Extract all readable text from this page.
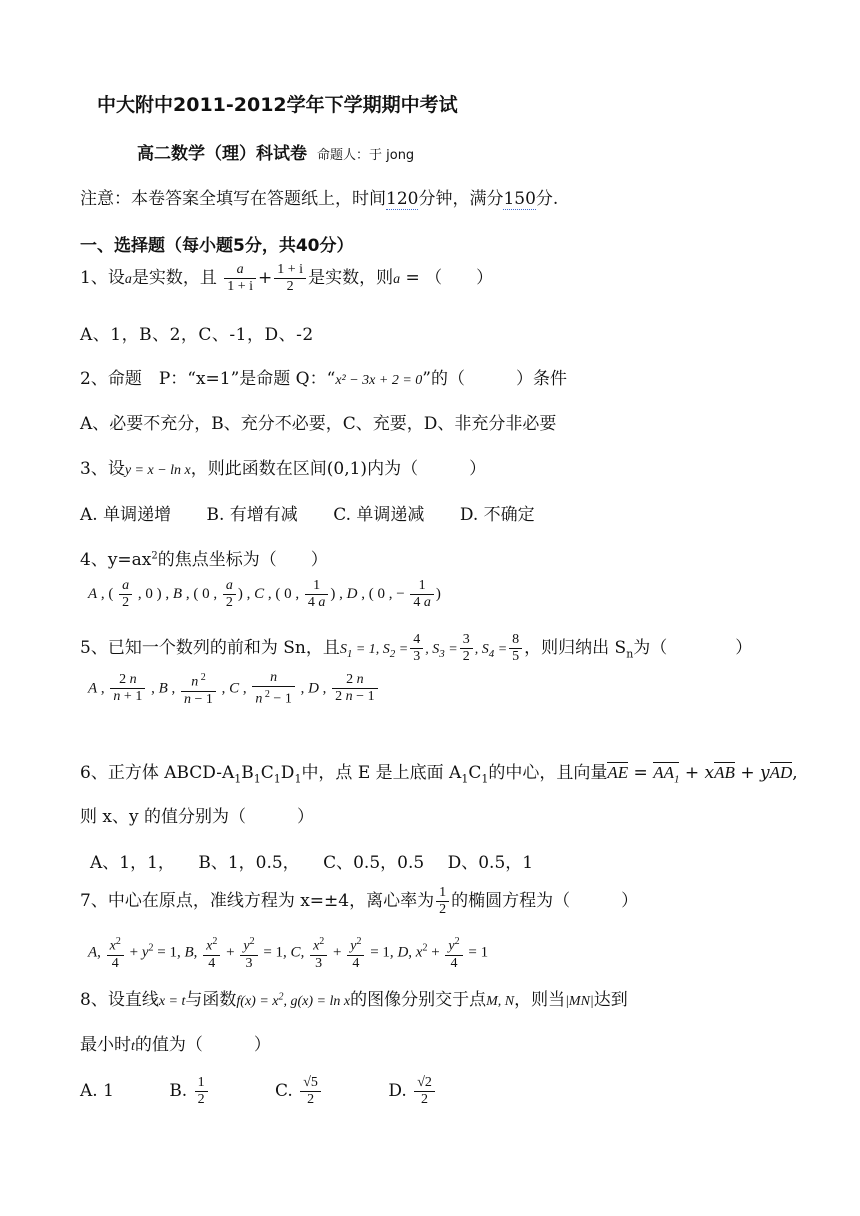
中大附中2011-2012学年下学期期中考试
高二数学（理）科试卷 命题人：于 jong
注意：本卷答案全填写在答题纸上，时间120分钟，满分150分.
一、选择题（每小题5分，共40分）
1、设a是实数，且 $\frac{a}{1 + i} + \frac{1 + i}{2}$ 是实数，则a = （　　）
A、1，B、2，C、-1，D、-2
2、命题　P：“x=1”是命题 Q：“x² − 3x + 2 = 0”的（　　　）条件
A、必要不充分，B、充分不必要，C、充要，D、非充分非必要
3、设y = x − ln x，则此函数在区间(0,1)内为（　　　）
A. 单调递增 B. 有增有减 C. 单调递减 D. 不确定
4、$y=ax^2$的焦点坐标为（　　）
A , ( $\frac{a}{2}$ , 0 ) , B , ( 0 , $\frac{a}{2}$ ) , C , ( 0 , $\frac{1}{4 a}$ ) , D , ( 0 , − $\frac{1}{4 a}$ )
5、已知一个数列的前和为 Sn，且$S_1 = 1$, $S_2 = \frac{4}{3}$ , $S_3 = \frac{3}{2}$ , $S_4 = \frac{8}{5}$ ，则归纳出 $S_n$为（　　　　）
A , $\frac{2 n}{n + 1}$ , B , $\frac{n ^2}{n - 1}$ , C , $\frac{n}{n ^2 - 1}$ , D , $\frac{2 n}{2 n - 1}$
6、正方体 ABCD-$A_1B_1C_1D_1$中，点 E 是上底面 $A_1C_1$的中心，且向量AE = $AA_1$ + xAB + yAD,
则 x、y 的值分别为（　　　）
A、1，1， B、1，0.5， C、0.5，0.5 D、0.5，1
7、中心在原点，准线方程为 x=±4，离心率为 $\frac{1}{2}$ 的椭圆方程为（　　　）
A, $\frac{x^2}{4} + y^2 = 1$, B, $\frac{x^2}{4} + \frac{y^2}{3} = 1$, C, $\frac{x^2}{3} + \frac{y^2}{4} = 1$, D, $x^2 + \frac{y^2}{4} = 1$
8、设直线x = t与函数$f(x) = x^2$, g(x) = ln x的图像分别交于点M, N，则当|MN|达到
最小时t的值为（　　　）
A. 1	B. $\frac{1}{2}$	C. $\frac{√5}{2}$	D. $\frac{√2}{2}$
